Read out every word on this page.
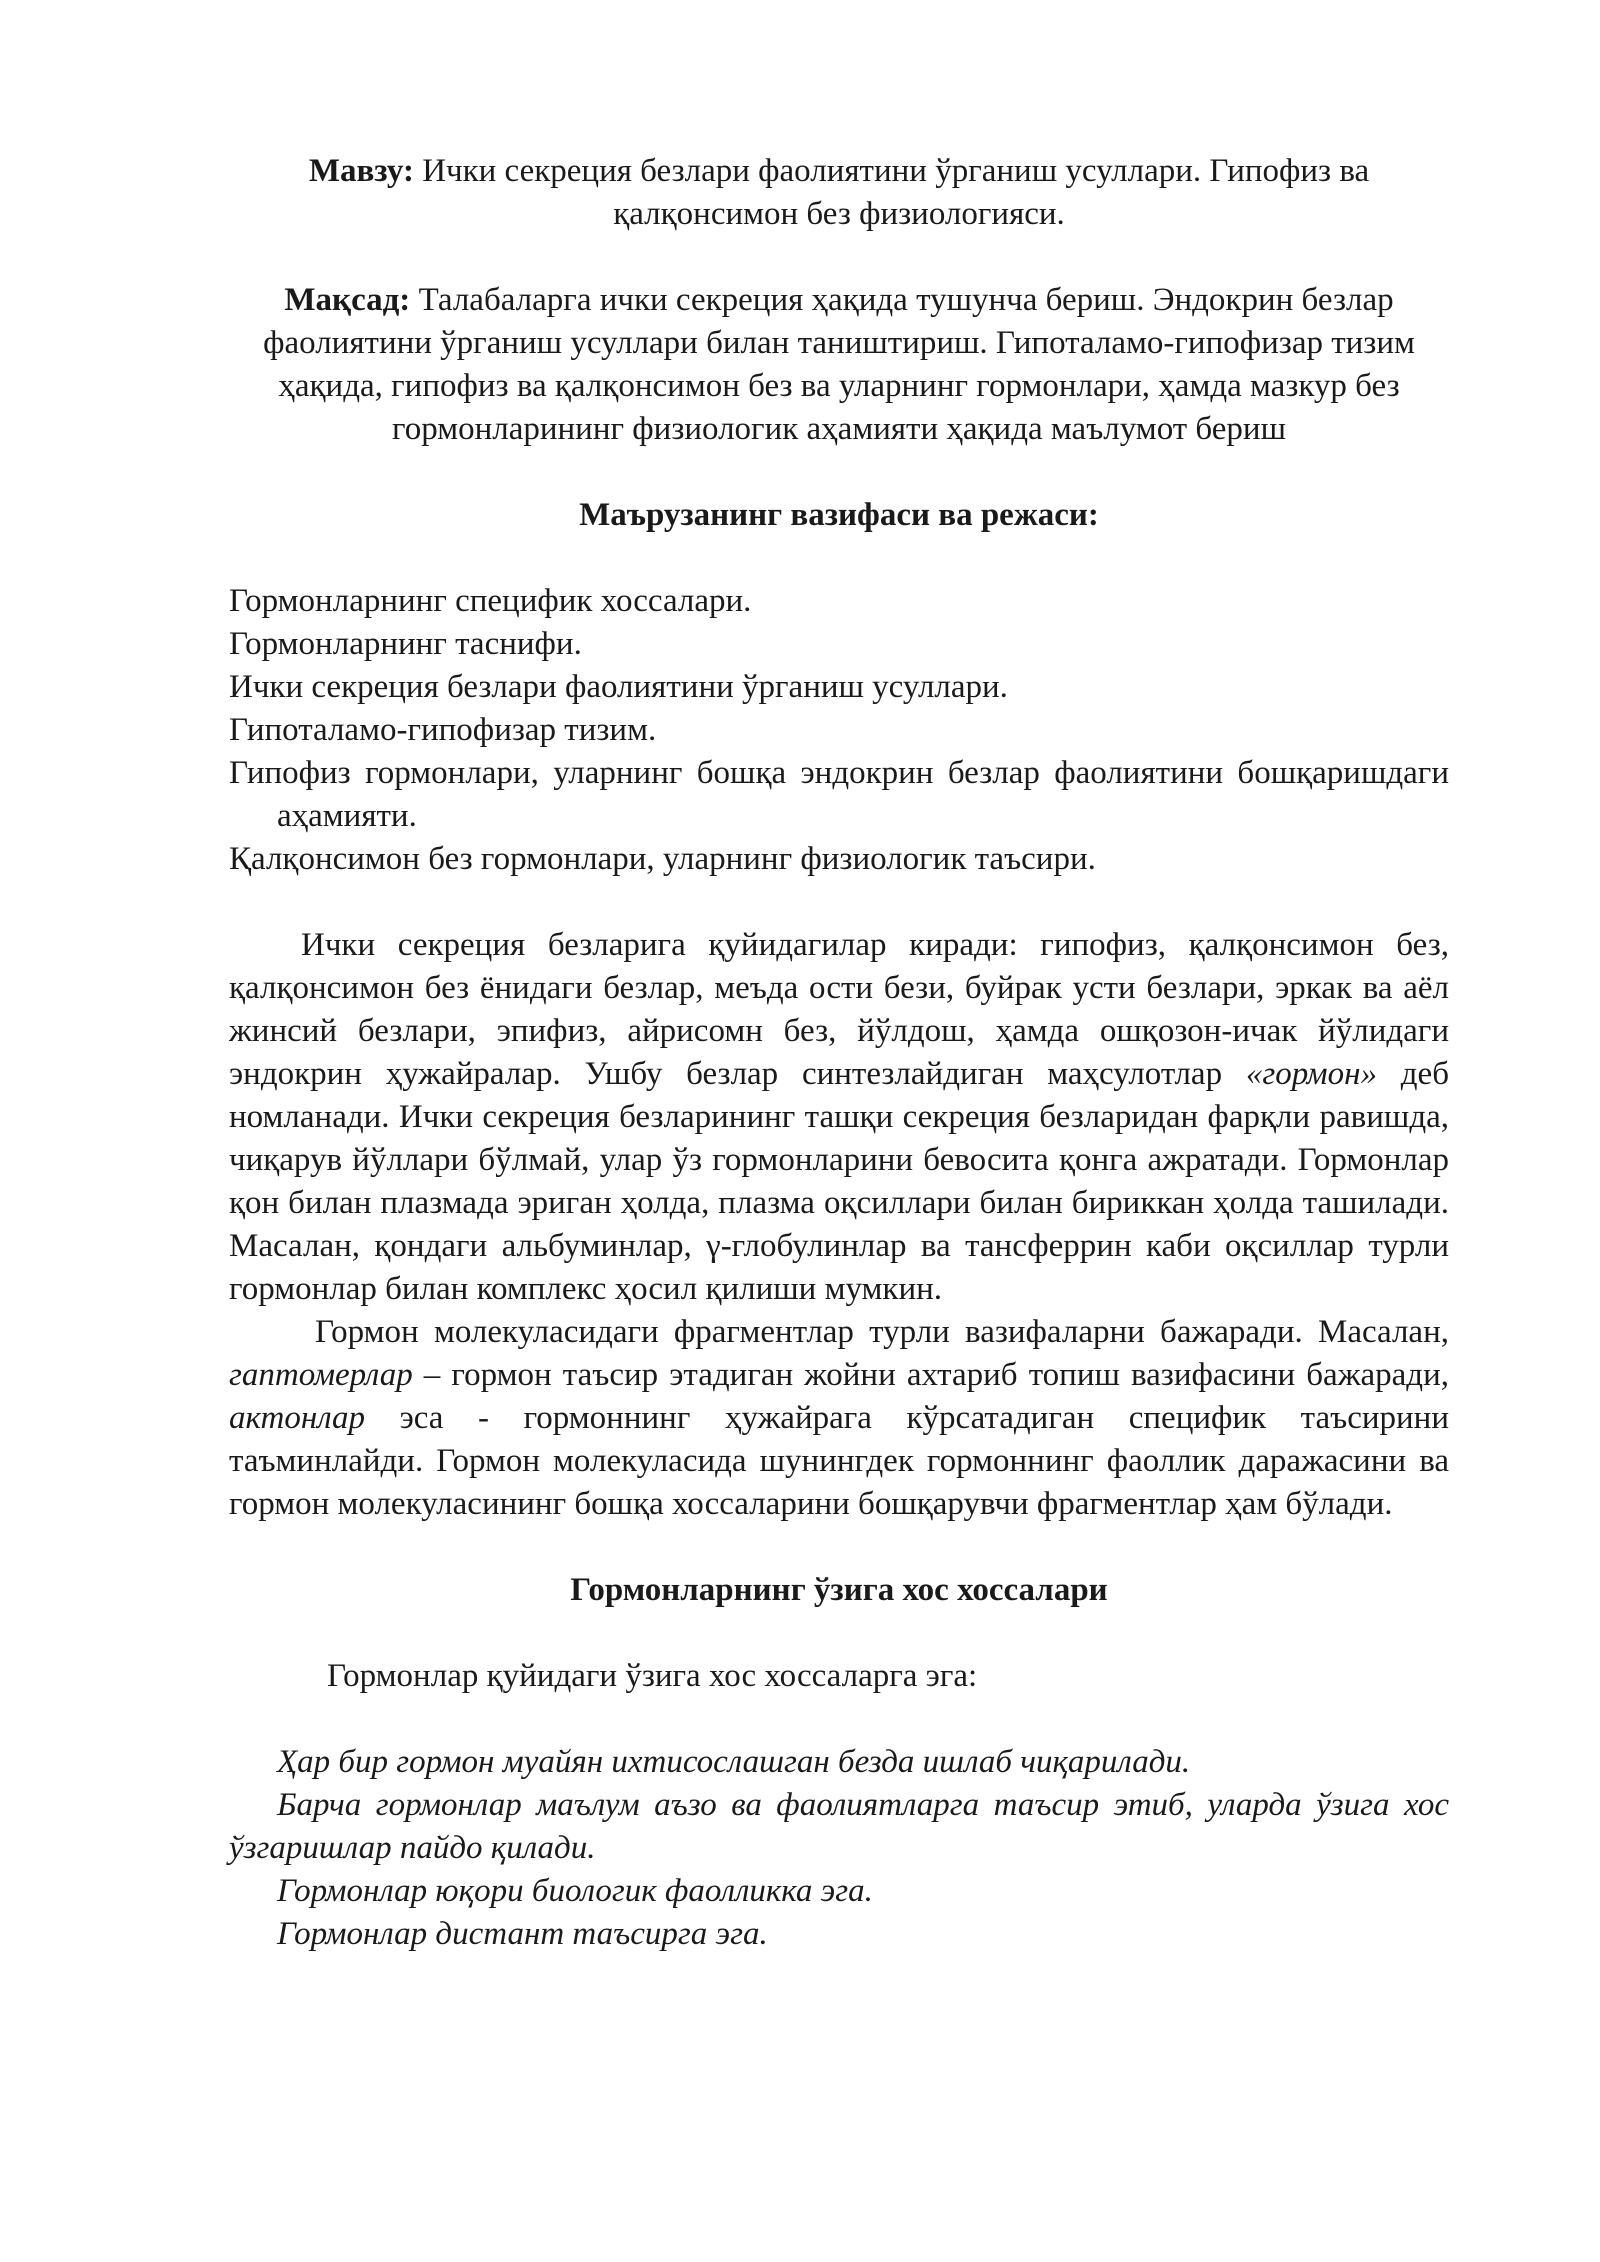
Мавзу: Ички секреция безлари фаолиятини ўрганиш усуллари. Гипофиз ва қалқонсимон без физиологияси.

Мақсад: Талабаларга ички секреция ҳақида тушунча бериш. Эндокрин безлар фаолиятини ўрганиш усуллари билан таништириш. Гипоталамо-гипофизар тизим ҳақида, гипофиз ва қалқонсимон без ва уларнинг гормонлари, ҳамда мазкур без гормонларининг физиологик аҳамияти ҳақида маълумот бериш

Маърузанинг вазифаси ва режаси:

Гормонларнинг специфик хоссалари.
Гормонларнинг таснифи.
Ички секреция безлари фаолиятини ўрганиш усуллари.
Гипоталамо-гипофизар тизим.
Гипофиз гормонлари, уларнинг бошқа эндокрин безлар фаолиятини бошқаришдаги аҳамияти.
Қалқонсимон без гормонлари, уларнинг физиологик таъсири.

Ички секреция безларига қуйидагилар киради: гипофиз, қалқонсимон без, қалқонсимон без ёнидаги безлар, меъда ости бези, буйрак усти безлари, эркак ва аёл жинсий безлари, эпифиз, айрисомн без, йўлдош, ҳамда ошқозон-ичак йўлидаги эндокрин ҳужайралар. Ушбу безлар синтезлайдиган маҳсулотлар «гормон» деб номланади. Ички секреция безларининг ташқи секреция безларидан фарқли равишда, чиқарув йўллари бўлмай, улар ўз гормонларини бевосита қонга ажратади. Гормонлар қон билан плазмада эриган ҳолда, плазма оқсиллари билан бириккан ҳолда ташилади. Масалан, қондаги альбуминлар, γ-глобулинлар ва тансферрин каби оқсиллар турли гормонлар билан комплекс ҳосил қилиши мумкин.

Гормон молекуласидаги фрагментлар турли вазифаларни бажаради. Масалан, гаптомерлар – гормон таъсир этадиган жойни ахтариб топиш вазифасини бажаради, актонлар эса - гормоннинг ҳужайрага кўрсатадиган специфик таъсирини таъминлайди. Гормон молекуласида шунингдек гормоннинг фаоллик даражасини ва гормон молекуласининг бошқа хоссаларини бошқарувчи фрагментлар ҳам бўлади.

Гормонларнинг ўзига хос хоссалари

Гормонлар қуйидаги ўзига хос хоссаларга эга:

Ҳар бир гормон муайян ихтисослашган безда ишлаб чиқарилади.
Барча гормонлар маълум аъзо ва фаолиятларга таъсир этиб, уларда ўзига хос ўзгаришлар пайдо қилади.
Гормонлар юқори биологик фаолликка эга.
Гормонлар дистант таъсирга эга.
